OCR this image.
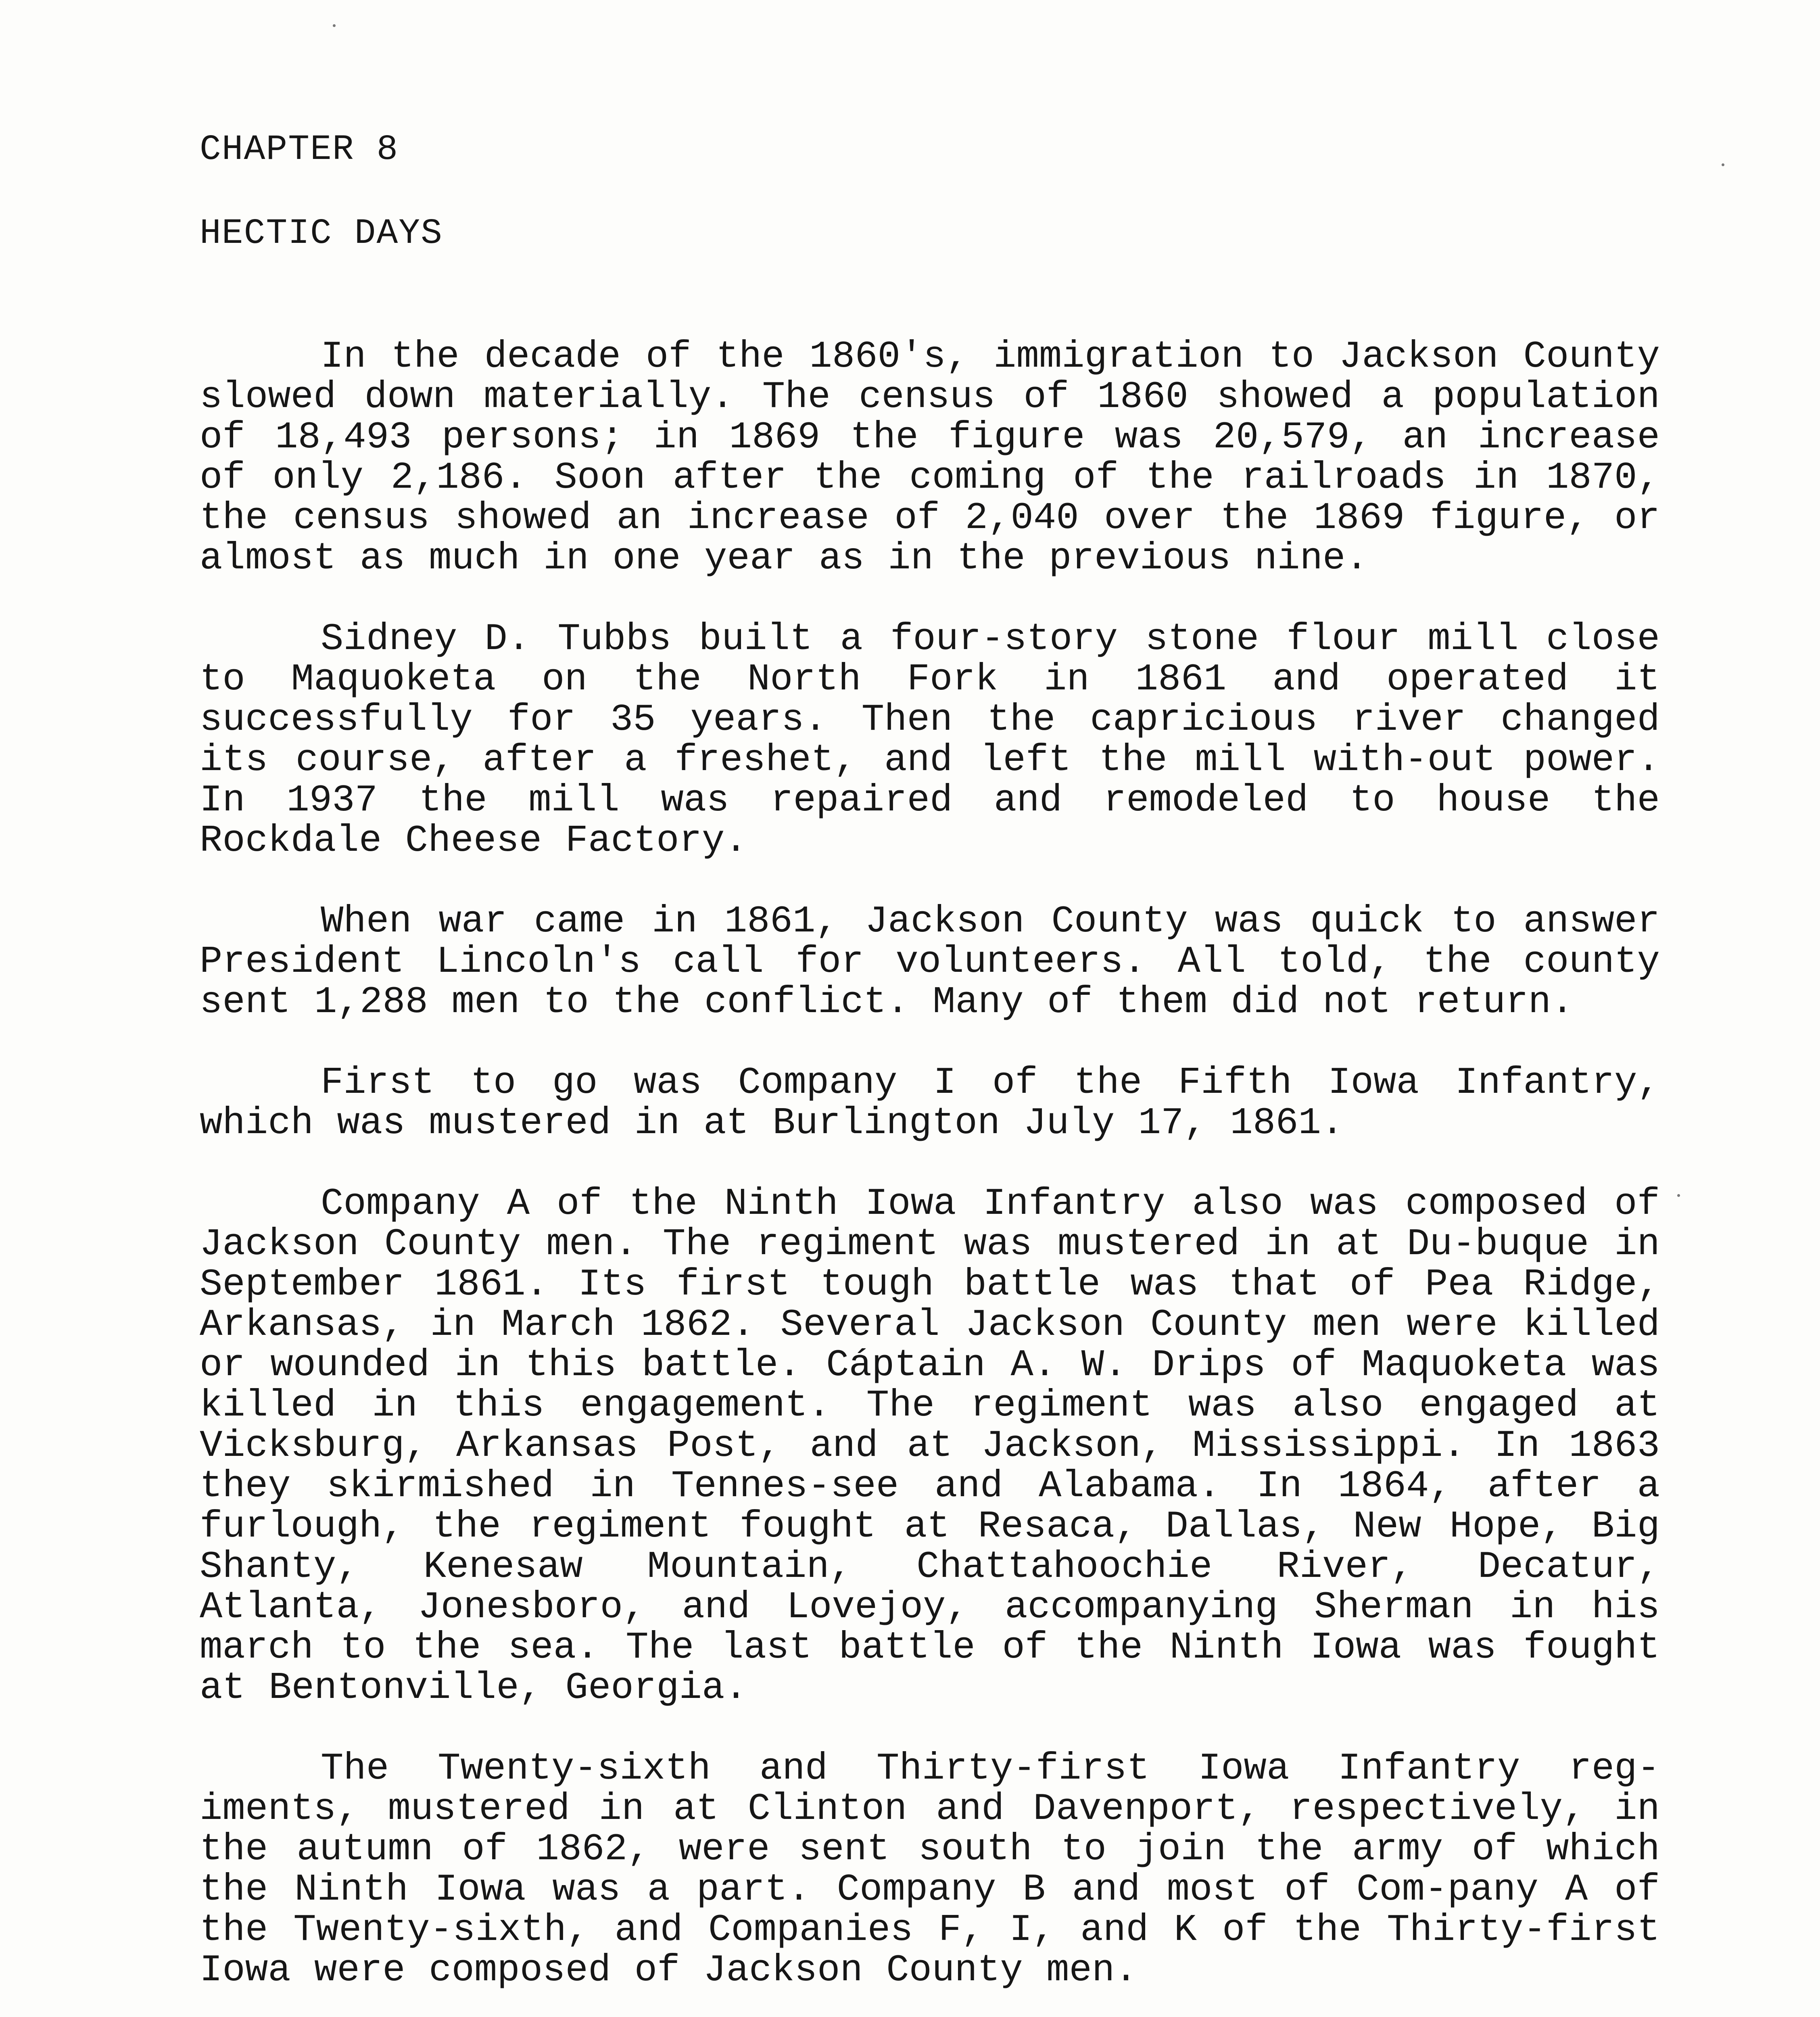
CHAPTER 8
HECTIC DAYS

In the decade of the 1860's, immigration to Jackson County slowed down materially. The census of 1860 showed a population of 18,493 persons; in 1869 the figure was 20,579, an increase of only 2,186. Soon after the coming of the railroads in 1870, the census showed an increase of 2,040 over the 1869 figure, or almost as much in one year as in the previous nine.

Sidney D. Tubbs built a four-story stone flour mill close to Maquoketa on the North Fork in 1861 and operated it successfully for 35 years. Then the capricious river changed its course, after a freshet, and left the mill with-out power. In 1937 the mill was repaired and remodeled to house the Rockdale Cheese Factory.

When war came in 1861, Jackson County was quick to answer President Lincoln's call for volunteers. All told, the county sent 1,288 men to the conflict. Many of them did not return.

First to go was Company I of the Fifth Iowa Infantry, which was mustered in at Burlington July 17, 1861.

Company A of the Ninth Iowa Infantry also was composed of Jackson County men. The regiment was mustered in at Du-buque in September 1861. Its first tough battle was that of Pea Ridge, Arkansas, in March 1862. Several Jackson County men were killed or wounded in this battle. Cáptain A. W. Drips of Maquoketa was killed in this engagement. The regiment was also engaged at Vicksburg, Arkansas Post, and at Jackson, Mississippi. In 1863 they skirmished in Tennes-see and Alabama. In 1864, after a furlough, the regiment fought at Resaca, Dallas, New Hope, Big Shanty, Kenesaw Mountain, Chattahoochie River, Decatur, Atlanta, Jonesboro, and Lovejoy, accompanying Sherman in his march to the sea. The last battle of the Ninth Iowa was fought at Bentonville, Georgia.

The Twenty-sixth and Thirty-first Iowa Infantry reg-iments, mustered in at Clinton and Davenport, respectively, in the autumn of 1862, were sent south to join the army of which the Ninth Iowa was a part. Company B and most of Com-pany A of the Twenty-sixth, and Companies F, I, and K of the Thirty-first Iowa were composed of Jackson County men.
